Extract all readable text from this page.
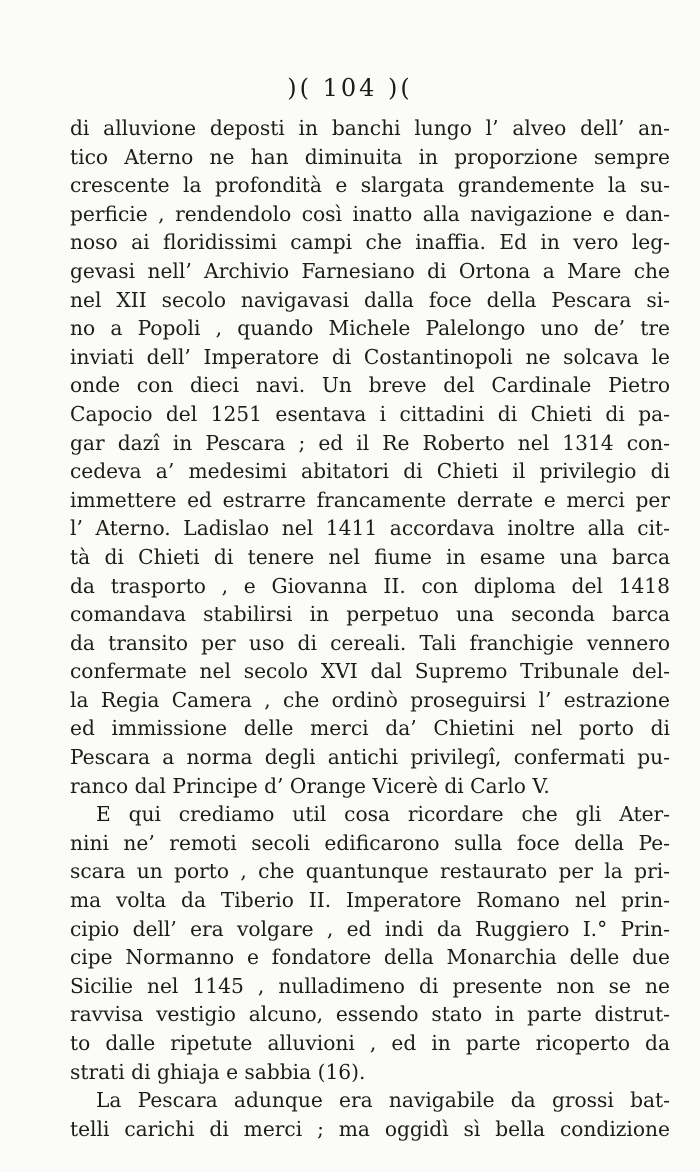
)( 104 )(
di alluvione deposti in banchi lungo l’ alveo dell’ an-
tico Aterno ne han diminuita in proporzione sempre
crescente la profondità e slargata grandemente la su-
perficie , rendendolo così inatto alla navigazione e dan-
noso ai floridissimi campi che inaffia. Ed in vero leg-
gevasi nell’ Archivio Farnesiano di Ortona a Mare che
nel XII secolo navigavasi dalla foce della Pescara si-
no a Popoli , quando Michele Palelongo uno de’ tre
inviati dell’ Imperatore di Costantinopoli ne solcava le
onde con dieci navi. Un breve del Cardinale Pietro
Capocio del 1251 esentava i cittadini di Chieti di pa-
gar dazî in Pescara ; ed il Re Roberto nel 1314 con-
cedeva a’ medesimi abitatori di Chieti il privilegio di
immettere ed estrarre francamente derrate e merci per
l’ Aterno. Ladislao nel 1411 accordava inoltre alla cit-
tà di Chieti di tenere nel fiume in esame una barca
da trasporto , e Giovanna II. con diploma del 1418
comandava stabilirsi in perpetuo una seconda barca
da transito per uso di cereali. Tali franchigie vennero
confermate nel secolo XVI dal Supremo Tribunale del-
la Regia Camera , che ordinò proseguirsi l’ estrazione
ed immissione delle merci da’ Chietini nel porto di
Pescara a norma degli antichi privilegî, confermati pu-
ranco dal Principe d’ Orange Vicerè di Carlo V.
E qui crediamo util cosa ricordare che gli Ater-
nini ne’ remoti secoli edificarono sulla foce della Pe-
scara un porto , che quantunque restaurato per la pri-
ma volta da Tiberio II. Imperatore Romano nel prin-
cipio dell’ era volgare , ed indi da Ruggiero I.° Prin-
cipe Normanno e fondatore della Monarchia delle due
Sicilie nel 1145 , nulladimeno di presente non se ne
ravvisa vestigio alcuno, essendo stato in parte distrut-
to dalle ripetute alluvioni , ed in parte ricoperto da
strati di ghiaja e sabbia (16).
La Pescara adunque era navigabile da grossi bat-
telli carichi di merci ; ma oggidì sì bella condizione
